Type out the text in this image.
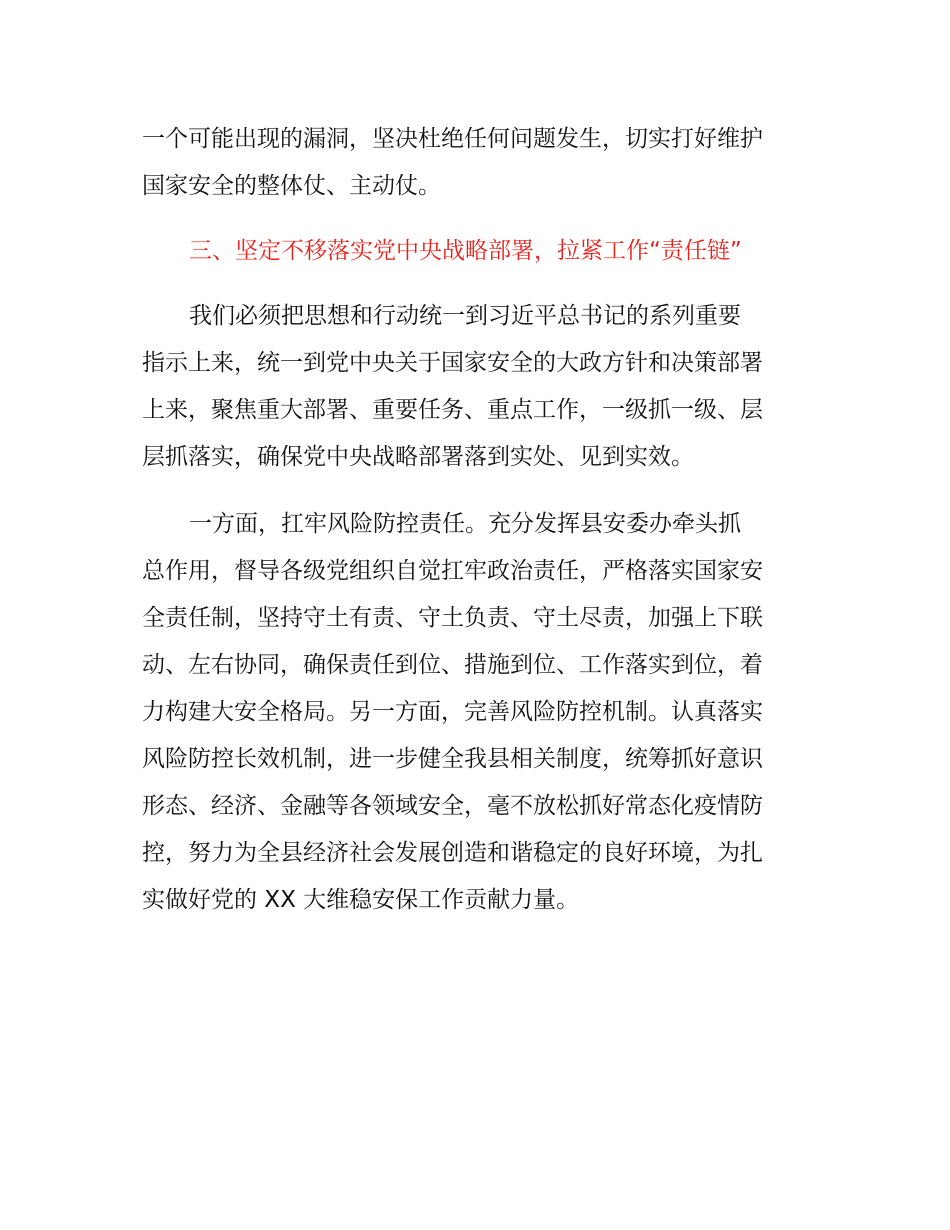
一个可能出现的漏洞，坚决杜绝任何问题发生，切实打好维护
国家安全的整体仗、主动仗。

三、坚定不移落实党中央战略部署，拉紧工作“责任链”

我们必须把思想和行动统一到习近平总书记的系列重要
指示上来，统一到党中央关于国家安全的大政方针和决策部署
上来，聚焦重大部署、重要任务、重点工作，一级抓一级、层
层抓落实，确保党中央战略部署落到实处、见到实效。

一方面，扛牢风险防控责任。充分发挥县安委办牵头抓
总作用，督导各级党组织自觉扛牢政治责任，严格落实国家安
全责任制，坚持守土有责、守土负责、守土尽责，加强上下联
动、左右协同，确保责任到位、措施到位、工作落实到位，着
力构建大安全格局。另一方面，完善风险防控机制。认真落实
风险防控长效机制，进一步健全我县相关制度，统筹抓好意识
形态、经济、金融等各领域安全，毫不放松抓好常态化疫情防
控，努力为全县经济社会发展创造和谐稳定的良好环境，为扎
实做好党的 XX 大维稳安保工作贡献力量。
